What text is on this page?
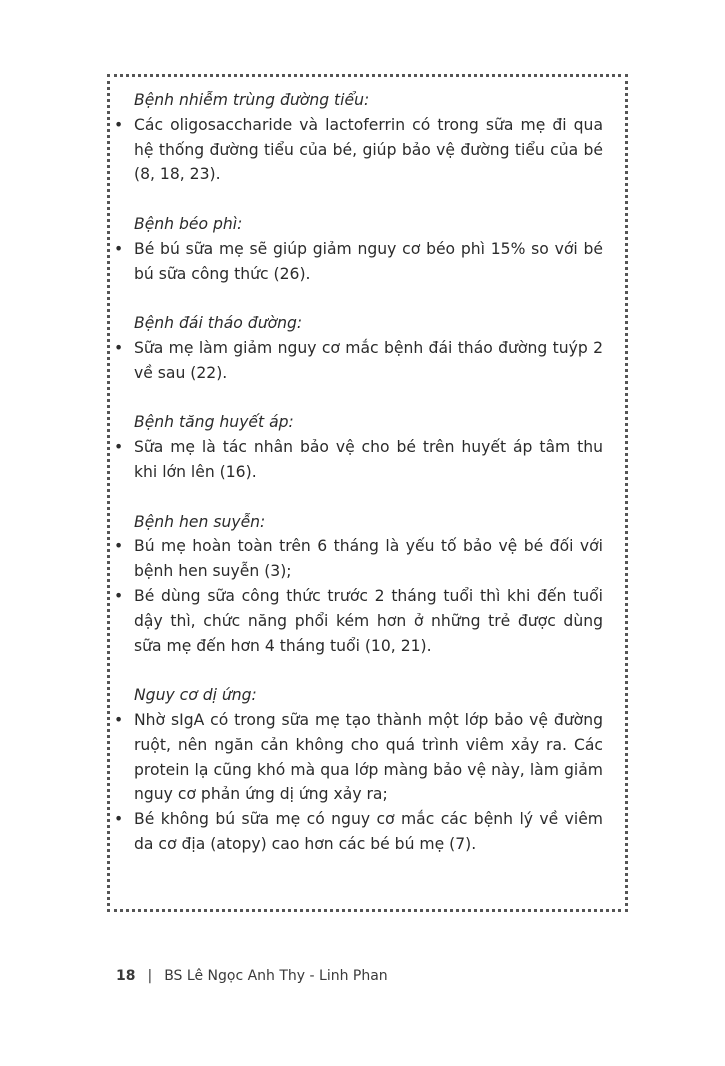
Bệnh nhiễm trùng đường tiểu:

• Các oligosaccharide và lactoferrin có trong sữa mẹ đi qua hệ thống đường tiểu của bé, giúp bảo vệ đường tiểu của bé (8, 18, 23).

Bệnh béo phì:

• Bé bú sữa mẹ sẽ giúp giảm nguy cơ béo phì 15% so với bé bú sữa công thức (26).

Bệnh đái tháo đường:

• Sữa mẹ làm giảm nguy cơ mắc bệnh đái tháo đường tuýp 2 về sau (22).

Bệnh tăng huyết áp:

• Sữa mẹ là tác nhân bảo vệ cho bé trên huyết áp tâm thu khi lớn lên (16).

Bệnh hen suyễn:

• Bú mẹ hoàn toàn trên 6 tháng là yếu tố bảo vệ bé đối với bệnh hen suyễn (3);
• Bé dùng sữa công thức trước 2 tháng tuổi thì khi đến tuổi dậy thì, chức năng phổi kém hơn ở những trẻ được dùng sữa mẹ đến hơn 4 tháng tuổi (10, 21).

Nguy cơ dị ứng:

• Nhờ sIgA có trong sữa mẹ tạo thành một lớp bảo vệ đường ruột, nên ngăn cản không cho quá trình viêm xảy ra. Các protein lạ cũng khó mà qua lớp màng bảo vệ này, làm giảm nguy cơ phản ứng dị ứng xảy ra;
• Bé không bú sữa mẹ có nguy cơ mắc các bệnh lý về viêm da cơ địa (atopy) cao hơn các bé bú mẹ (7).
18 | BS Lê Ngọc Anh Thy - Linh Phan
